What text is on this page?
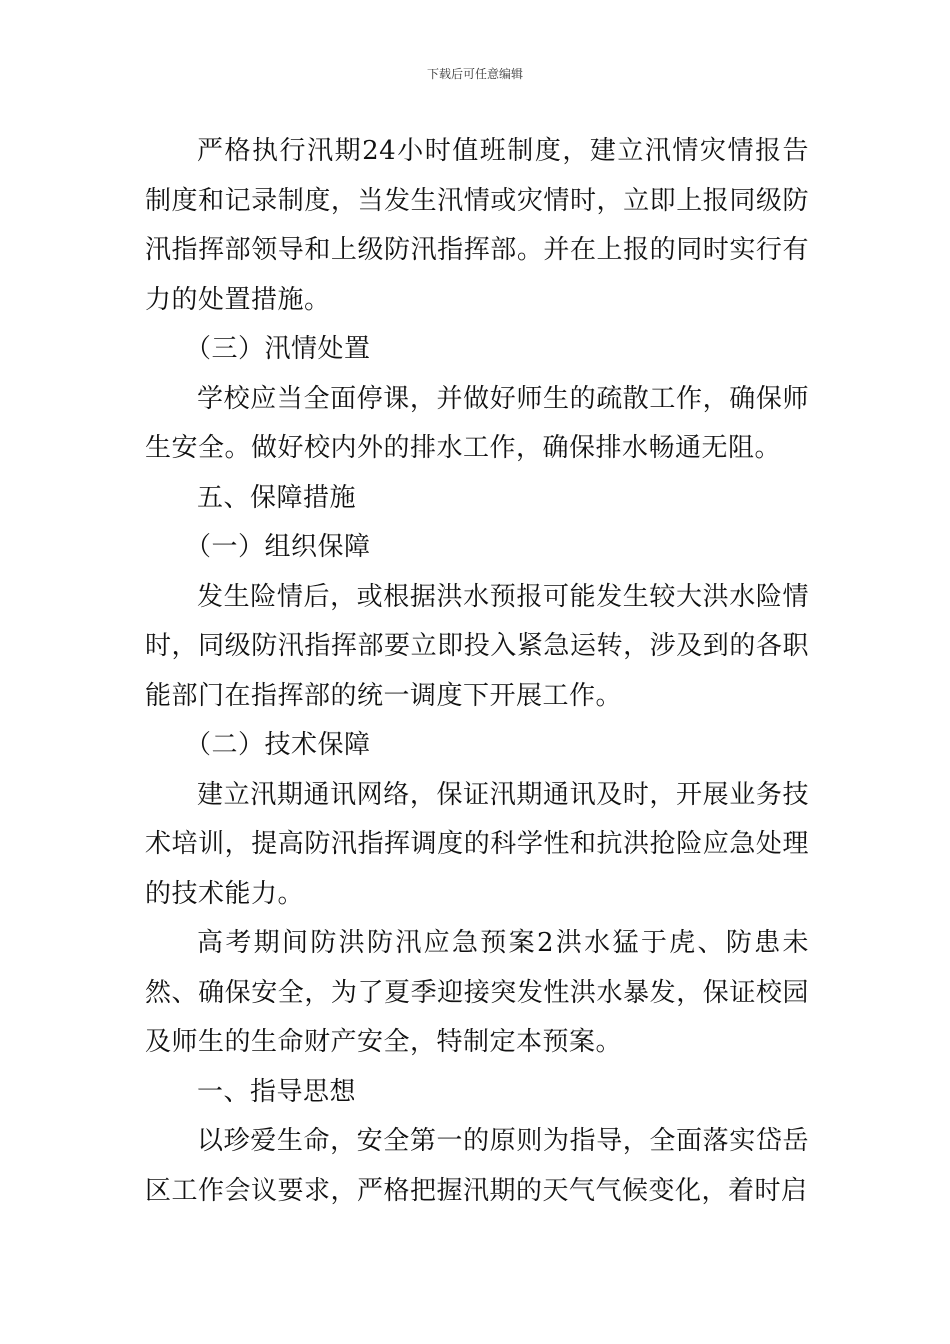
下载后可任意编辑

严格执行汛期24小时值班制度，建立汛情灾情报告制度和记录制度，当发生汛情或灾情时，立即上报同级防汛指挥部领导和上级防汛指挥部。并在上报的同时实行有力的处置措施。

（三）汛情处置

学校应当全面停课，并做好师生的疏散工作，确保师生安全。做好校内外的排水工作，确保排水畅通无阻。

五、保障措施

（一）组织保障

发生险情后，或根据洪水预报可能发生较大洪水险情时，同级防汛指挥部要立即投入紧急运转，涉及到的各职能部门在指挥部的统一调度下开展工作。

（二）技术保障

建立汛期通讯网络，保证汛期通讯及时，开展业务技术培训，提高防汛指挥调度的科学性和抗洪抢险应急处理的技术能力。

高考期间防洪防汛应急预案2洪水猛于虎、防患未然、确保安全，为了夏季迎接突发性洪水暴发，保证校园及师生的生命财产安全，特制定本预案。

一、指导思想

以珍爱生命，安全第一的原则为指导，全面落实岱岳区工作会议要求，严格把握汛期的天气气候变化，着时启
